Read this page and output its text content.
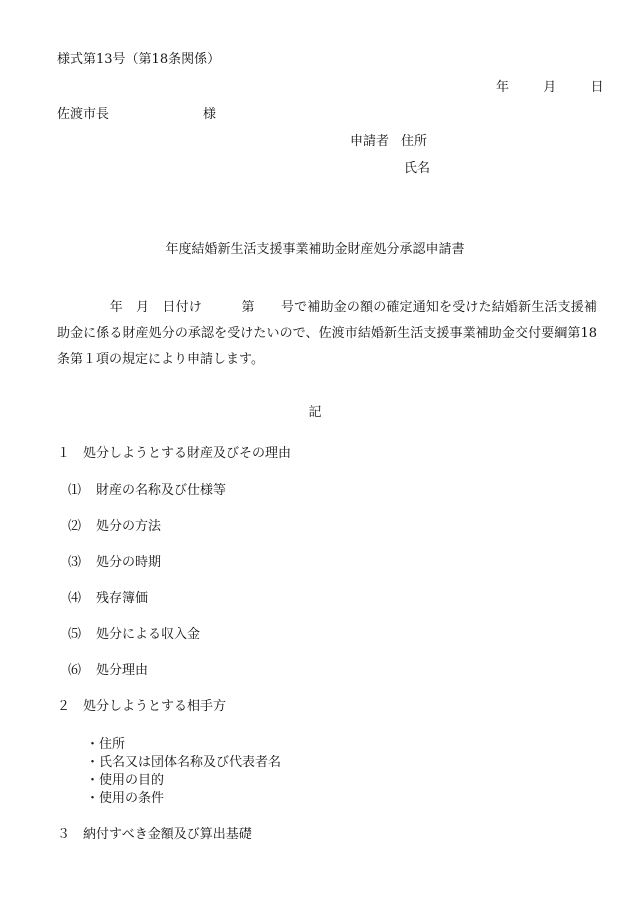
様式第13号（第18条関係）
年	月	日
佐渡市長	様
申請者 住所
氏名
年度結婚新生活支援事業補助金財産処分承認申請書
　　　　年　月　日付け　　　第　　号で補助金の額の確定通知を受けた結婚新生活支援補助金に係る財産処分の承認を受けたいので、佐渡市結婚新生活支援事業補助金交付要綱第18条第１項の規定により申請します。
記
１ 処分しようとする財産及びその理由
⑴ 財産の名称及び仕様等
⑵ 処分の方法
⑶ 処分の時期
⑷ 残存簿価
⑸ 処分による収入金
⑹ 処分理由
２ 処分しようとする相手方
・住所
・氏名又は団体名称及び代表者名
・使用の目的
・使用の条件
３ 納付すべき金額及び算出基礎
